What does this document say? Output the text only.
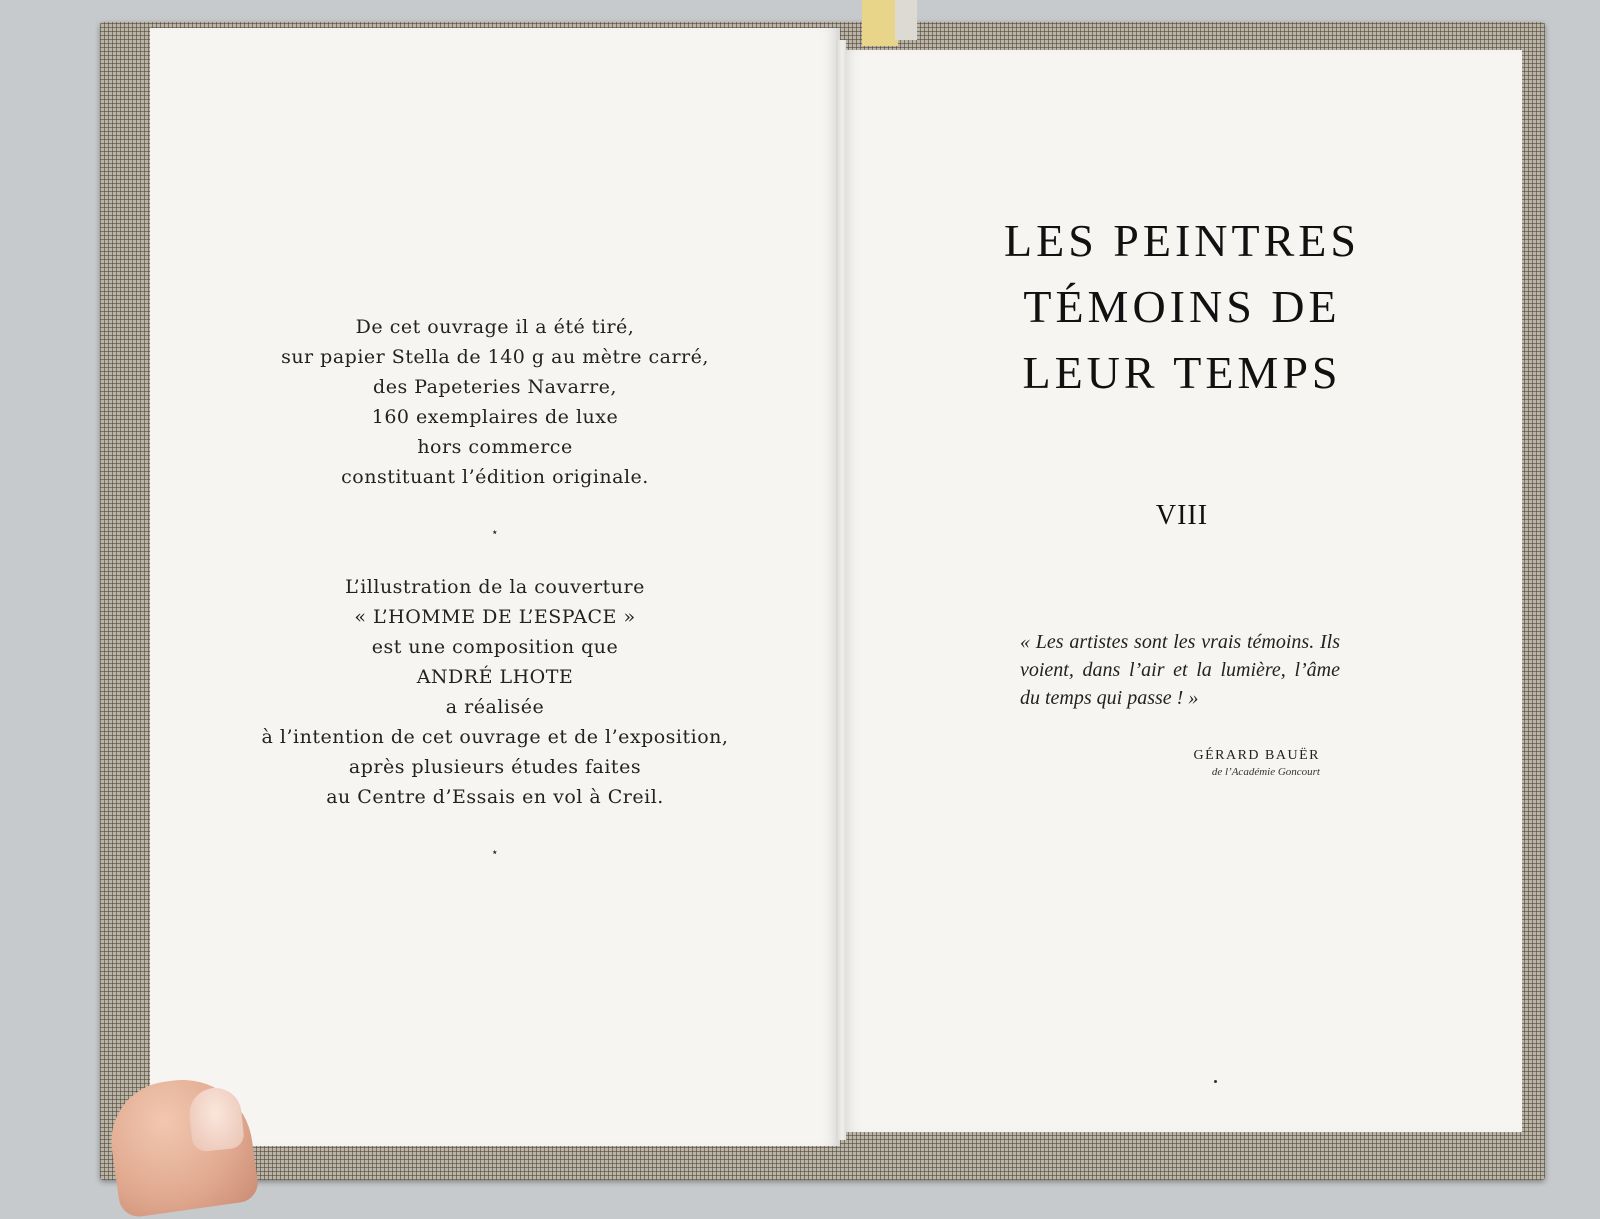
De cet ouvrage il a été tiré,
sur papier Stella de 140 g au mètre carré,
des Papeteries Navarre,
160 exemplaires de luxe
hors commerce
constituant l’édition originale.
⋆
L’illustration de la couverture
« L’HOMME DE L’ESPACE »
est une composition que
ANDRÉ LHOTE
a réalisée
à l’intention de cet ouvrage et de l’exposition,
après plusieurs études faites
au Centre d’Essais en vol à Creil.
⋆
LES PEINTRES
TÉMOINS DE
LEUR TEMPS
VIII
« Les artistes sont les vrais témoins. Ils voient, dans l’air et la lumière, l’âme du temps qui passe ! »
GÉRARD BAUËR
de l’Académie Goncourt
